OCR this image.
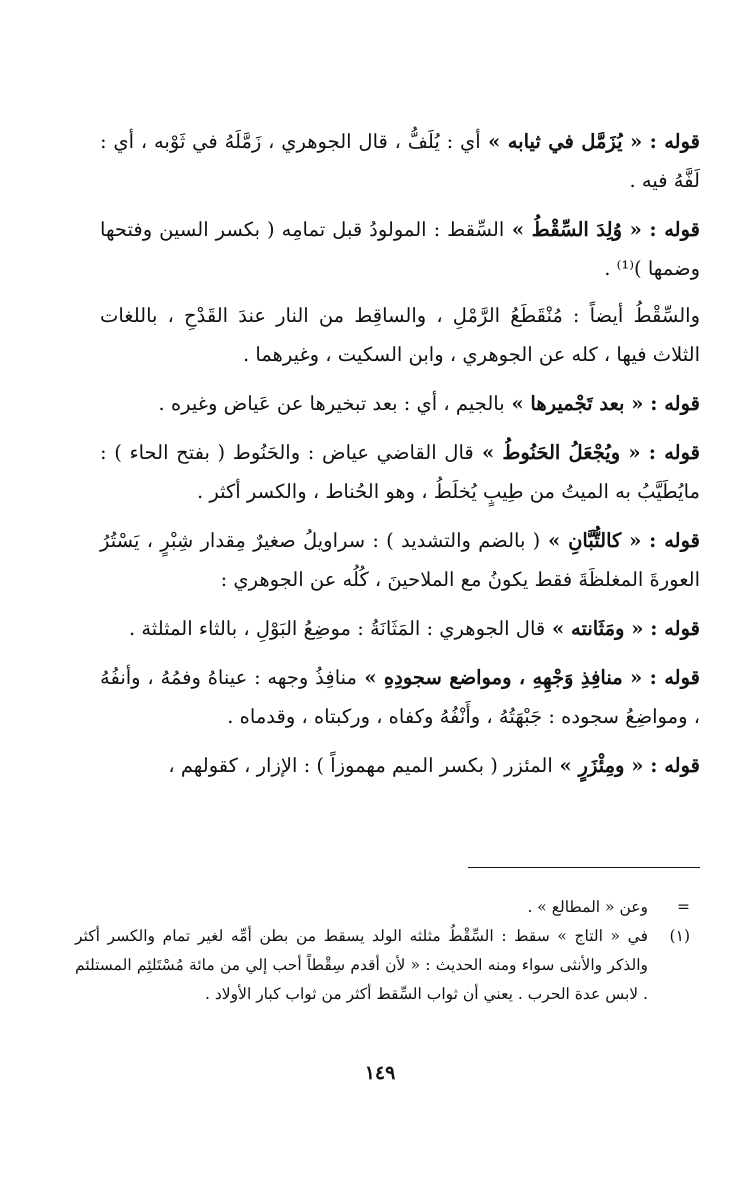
قوله : « يُزَمَّل في ثيابه » أي : يُلَفُّ ، قال الجوهري ، زَمَّلَهُ في ثَوْبه ، أي : لَفَّهُ فيه .

قوله : « وُلِدَ السِّقْطُ » السِّقط : المولودُ قبل تمامِه ( بكسر السين وفتحها وضمها )⁽¹⁾ .

والسِّقْطُ أيضاً : مُنْقَطَعُ الرَّمْلِ ، والساقِط من النار عندَ القَدْحِ ، باللغات الثلاث فيها ، كله عن الجوهري ، وابن السكيت ، وغيرهما .

قوله : « بعد تَجْميرها » بالجيم ، أي : بعد تبخيرها عن عَياض وغيره .

قوله : « ويُجْعَلُ الحَنُوطُ » قال القاضي عياض : والحَنُوط ( بفتح الحاء ) : مايُطَيَّبُ به الميتُ من طِيبٍ يُخلَطُ ، وهو الحُناط ، والكسر أكثر .

قوله : « كالتُّبَّانِ » ( بالضم والتشديد ) : سراويلُ صغيرٌ مِقدار شِبْرٍ ، يَسْتُرُ العورةَ المغلظَةَ فقط يكونُ مع الملاحينَ ، كُلُه عن الجوهري :

قوله : « ومَثَانته » قال الجوهري : المَثَانَةُ : موضِعُ البَوْلِ ، بالثاء المثلثة .

قوله : « منافِذِ وَجْهِهِ ، ومواضع سجودِهِ » منافِذُ وجهه : عيناهُ وفمُهُ ، وأنفُهُ ، ومواضِعُ سجوده : جَبْهَتُهُ ، وأَنْفُهُ وكفاه ، وركبتاه ، وقدماه .

قوله : « ومِئْزَرٍ » المئزر ( بكسر الميم مهموزاً ) : الإزار ، كقولهم ،

=
وعن « المطالع » .
(١)
في « التاج » سقط : السِّقْطُ مثلثه الولد يسقط من بطن أمِّه لغير تمام والكسر أكثر والذكر والأنثى سواء ومنه الحديث : « لأن أقدم سِقْطاً أحب إلي من مائة مُسْتَلئِم المستلئم . لابس عدة الحرب . يعني أن ثواب السِّقط أكثر من ثواب كبار الأولاد .
١٤٩
